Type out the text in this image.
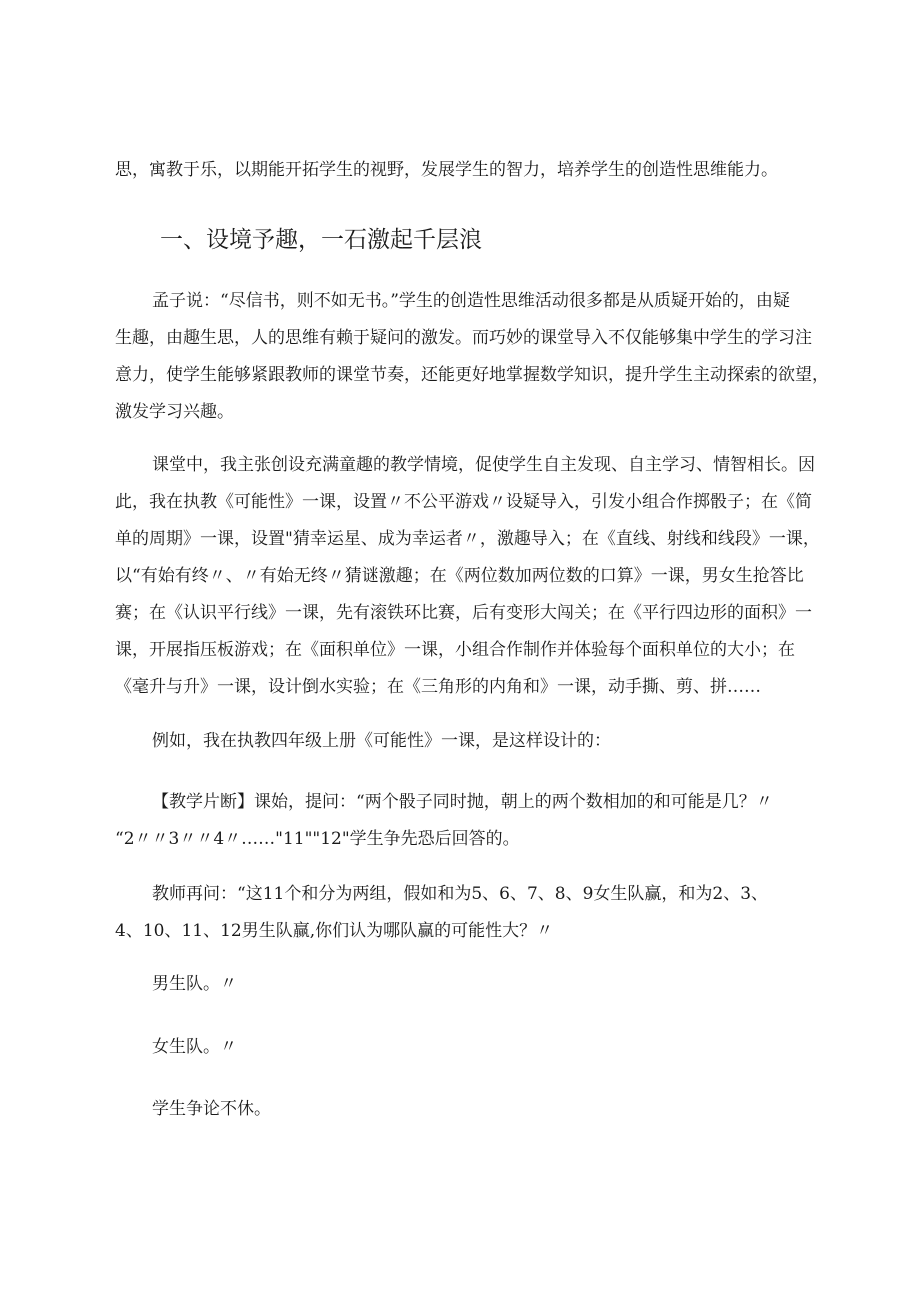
思，寓教于乐，以期能开拓学生的视野，发展学生的智力，培养学生的创造性思维能力。

一、设境予趣，一石激起千层浪

孟子说：“尽信书，则不如无书。”学生的创造性思维活动很多都是从质疑开始的，由疑
生趣，由趣生思，人的思维有赖于疑问的激发。而巧妙的课堂导入不仅能够集中学生的学习注
意力，使学生能够紧跟教师的课堂节奏，还能更好地掌握数学知识，提升学生主动探索的欲望，
激发学习兴趣。

课堂中，我主张创设充满童趣的教学情境，促使学生自主发现、自主学习、情智相长。因
此，我在执教《可能性》一课，设置〃不公平游戏〃设疑导入，引发小组合作掷骰子；在《简
单的周期》一课，设置"猜幸运星、成为幸运者〃，激趣导入；在《直线、射线和线段》一课，
以“有始有终〃、〃有始无终〃猜谜激趣；在《两位数加两位数的口算》一课，男女生抢答比
赛；在《认识平行线》一课，先有滚铁环比赛，后有变形大闯关；在《平行四边形的面积》一
课，开展指压板游戏；在《面积单位》一课，小组合作制作并体验每个面积单位的大小；在
《毫升与升》一课，设计倒水实验；在《三角形的内角和》一课，动手撕、剪、拼……

例如，我在执教四年级上册《可能性》一课，是这样设计的：

【教学片断】课始，提问：“两个骰子同时抛，朝上的两个数相加的和可能是几？〃
“2〃〃3〃〃4〃……"11""12"学生争先恐后回答的。

教师再问：“这11个和分为两组，假如和为5、6、7、8、9女生队赢，和为2、3、
4、10、11、12男生队赢,你们认为哪队赢的可能性大？〃

男生队。〃

女生队。〃

学生争论不休。
